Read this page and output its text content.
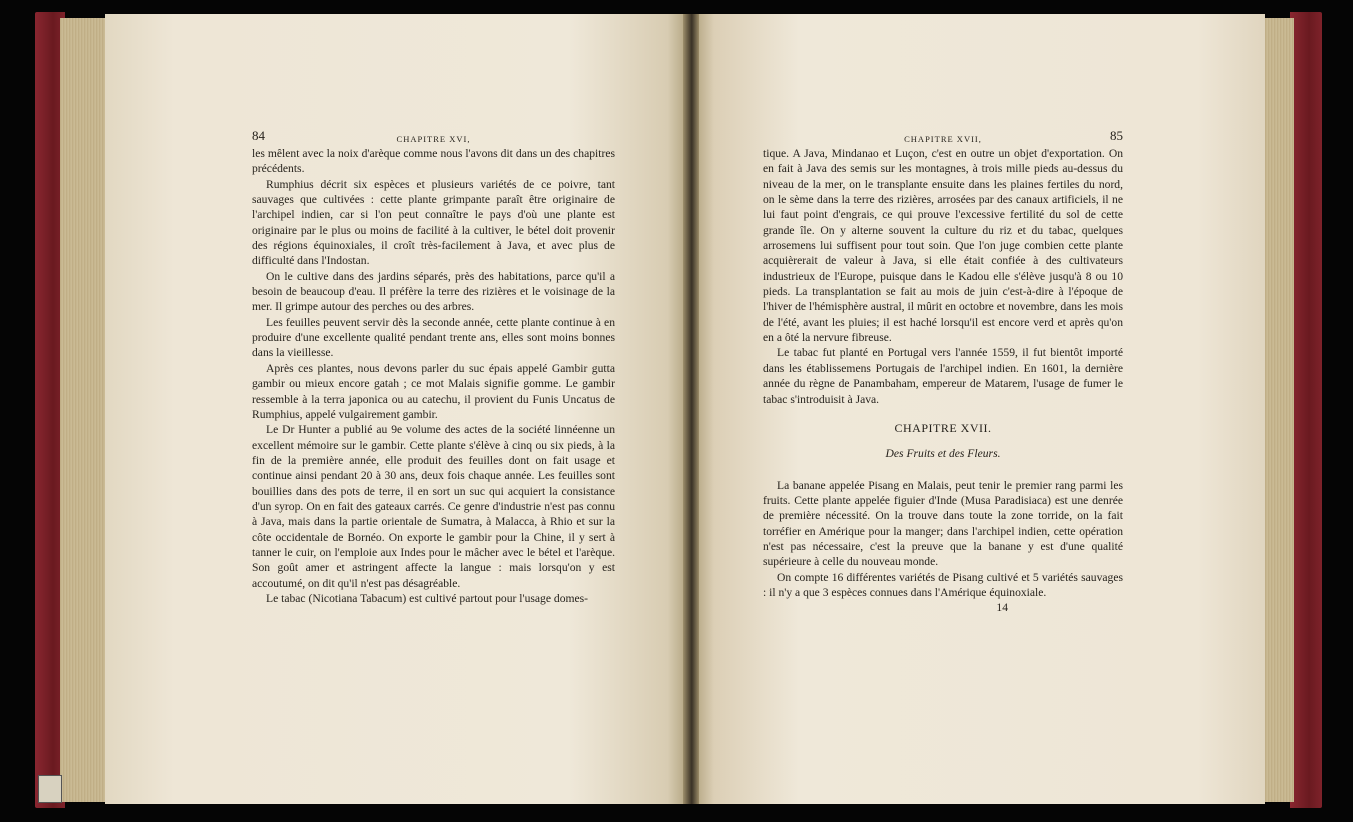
84	CHAPITRE XVI,

les mêlent avec la noix d'arèque comme nous l'avons dit dans un des chapitres précédents.

Rumphius décrit six espèces et plusieurs variétés de ce poivre, tant sauvages que cultivées : cette plante grimpante paraît être originaire de l'archipel indien, car si l'on peut connaître le pays d'où une plante est originaire par le plus ou moins de facilité à la cultiver, le bétel doit provenir des régions équinoxiales, il croît très-facilement à Java, et avec plus de difficulté dans l'Indostan.

On le cultive dans des jardins séparés, près des habitations, parce qu'il a besoin de beaucoup d'eau. Il préfère la terre des rizières et le voisinage de la mer. Il grimpe autour des perches ou des arbres.

Les feuilles peuvent servir dès la seconde année, cette plante continue à en produire d'une excellente qualité pendant trente ans, elles sont moins bonnes dans la vieillesse.

Après ces plantes, nous devons parler du suc épais appelé Gambir gutta gambir ou mieux encore gatah ; ce mot Malais signifie gomme. Le gambir ressemble à la terra japonica ou au catechu, il provient du Funis Uncatus de Rumphius, appelé vulgairement gambir.

Le Dr Hunter a publié au 9e volume des actes de la société linnéenne un excellent mémoire sur le gambir. Cette plante s'élève à cinq ou six pieds, à la fin de la première année, elle produit des feuilles dont on fait usage et continue ainsi pendant 20 à 30 ans, deux fois chaque année. Les feuilles sont bouillies dans des pots de terre, il en sort un suc qui acquiert la consistance d'un syrop. On en fait des gateaux carrés. Ce genre d'industrie n'est pas connu à Java, mais dans la partie orientale de Sumatra, à Malacca, à Rhio et sur la côte occidentale de Bornéo. On exporte le gambir pour la Chine, il y sert à tanner le cuir, on l'emploie aux Indes pour le mâcher avec le bétel et l'arèque. Son goût amer et astringent affecte la langue : mais lorsqu'on y est accoutumé, on dit qu'il n'est pas désagréable.

Le tabac (Nicotiana Tabacum) est cultivé partout pour l'usage domes-

CHAPITRE XVII,	85

tique. A Java, Mindanao et Luçon, c'est en outre un objet d'exportation. On en fait à Java des semis sur les montagnes, à trois mille pieds au-dessus du niveau de la mer, on le transplante ensuite dans les plaines fertiles du nord, on le sème dans la terre des rizières, arrosées par des canaux artificiels, il ne lui faut point d'engrais, ce qui prouve l'excessive fertilité du sol de cette grande île. On y alterne souvent la culture du riz et du tabac, quelques arrosemens lui suffisent pour tout soin. Que l'on juge combien cette plante acquièrerait de valeur à Java, si elle était confiée à des cultivateurs industrieux de l'Europe, puisque dans le Kadou elle s'élève jusqu'à 8 ou 10 pieds. La transplantation se fait au mois de juin c'est-à-dire à l'époque de l'hiver de l'hémisphère austral, il mûrit en octobre et novembre, dans les mois de l'été, avant les pluies; il est haché lorsqu'il est encore verd et après qu'on en a ôté la nervure fibreuse.

Le tabac fut planté en Portugal vers l'année 1559, il fut bientôt importé dans les établissemens Portugais de l'archipel indien. En 1601, la dernière année du règne de Panambaham, empereur de Matarem, l'usage de fumer le tabac s'introduisit à Java.

CHAPITRE XVII.

Des Fruits et des Fleurs.

La banane appelée Pisang en Malais, peut tenir le premier rang parmi les fruits. Cette plante appelée figuier d'Inde (Musa Paradisiaca) est une denrée de première nécessité. On la trouve dans toute la zone torride, on la fait torréfier en Amérique pour la manger; dans l'archipel indien, cette opération n'est pas nécessaire, c'est la preuve que la banane y est d'une qualité supérieure à celle du nouveau monde.

On compte 16 différentes variétés de Pisang cultivé et 5 variétés sauvages : il n'y a que 3 espèces connues dans l'Amérique équinoxiale.

14
